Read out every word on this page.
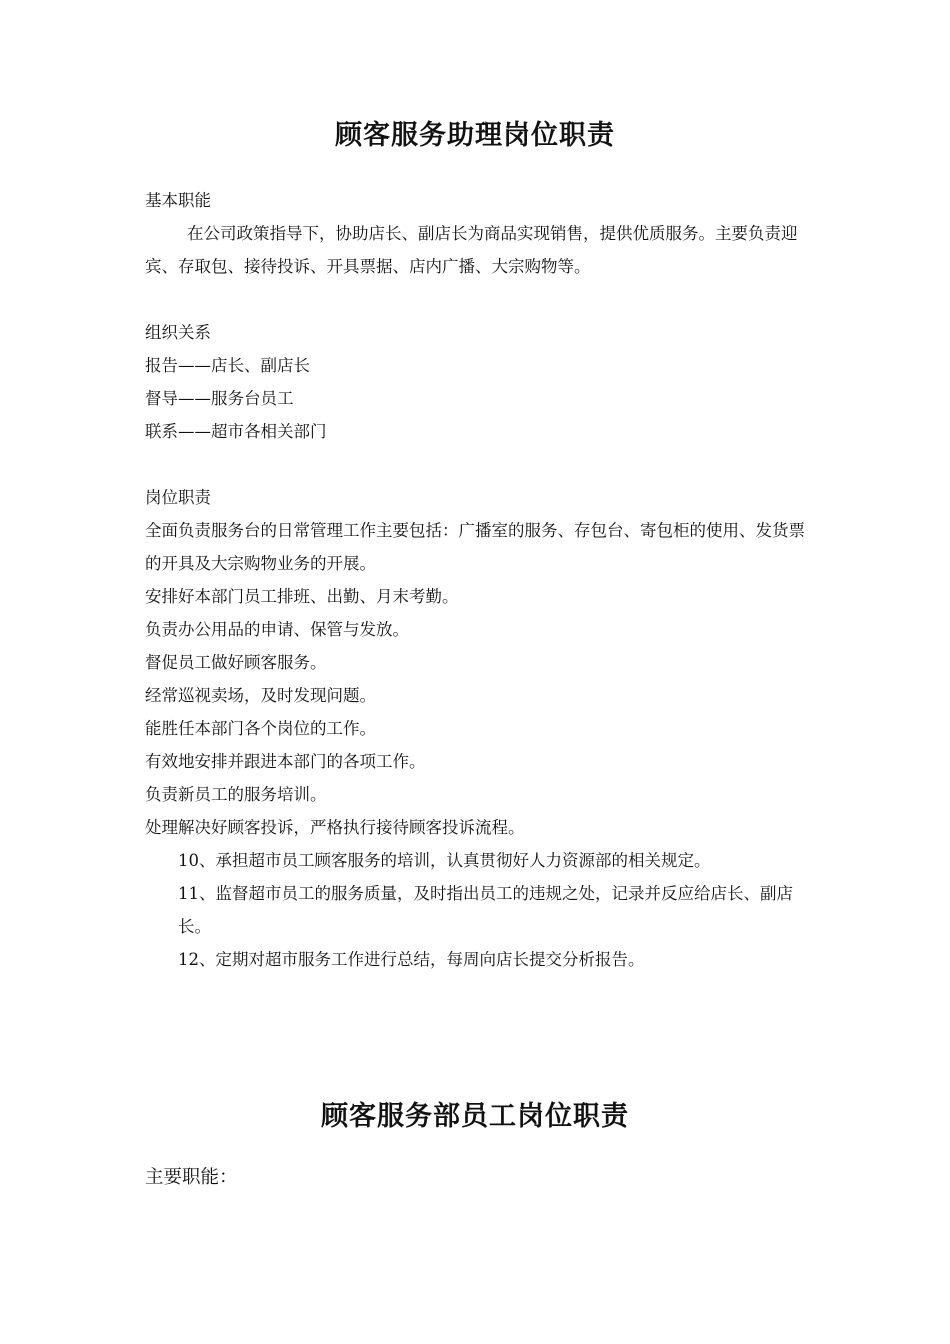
顾客服务助理岗位职责
基本职能
在公司政策指导下，协助店长、副店长为商品实现销售，提供优质服务。主要负责迎宾、存取包、接待投诉、开具票据、店内广播、大宗购物等。
组织关系
报告——店长、副店长
督导——服务台员工
联系——超市各相关部门
岗位职责
全面负责服务台的日常管理工作主要包括：广播室的服务、存包台、寄包柜的使用、发货票的开具及大宗购物业务的开展。
安排好本部门员工排班、出勤、月末考勤。
负责办公用品的申请、保管与发放。
督促员工做好顾客服务。
经常巡视卖场，及时发现问题。
能胜任本部门各个岗位的工作。
有效地安排并跟进本部门的各项工作。
负责新员工的服务培训。
处理解决好顾客投诉，严格执行接待顾客投诉流程。
10、承担超市员工顾客服务的培训，认真贯彻好人力资源部的相关规定。
11、监督超市员工的服务质量，及时指出员工的违规之处，记录并反应给店长、副店长。
12、定期对超市服务工作进行总结，每周向店长提交分析报告。
顾客服务部员工岗位职责
主要职能：
